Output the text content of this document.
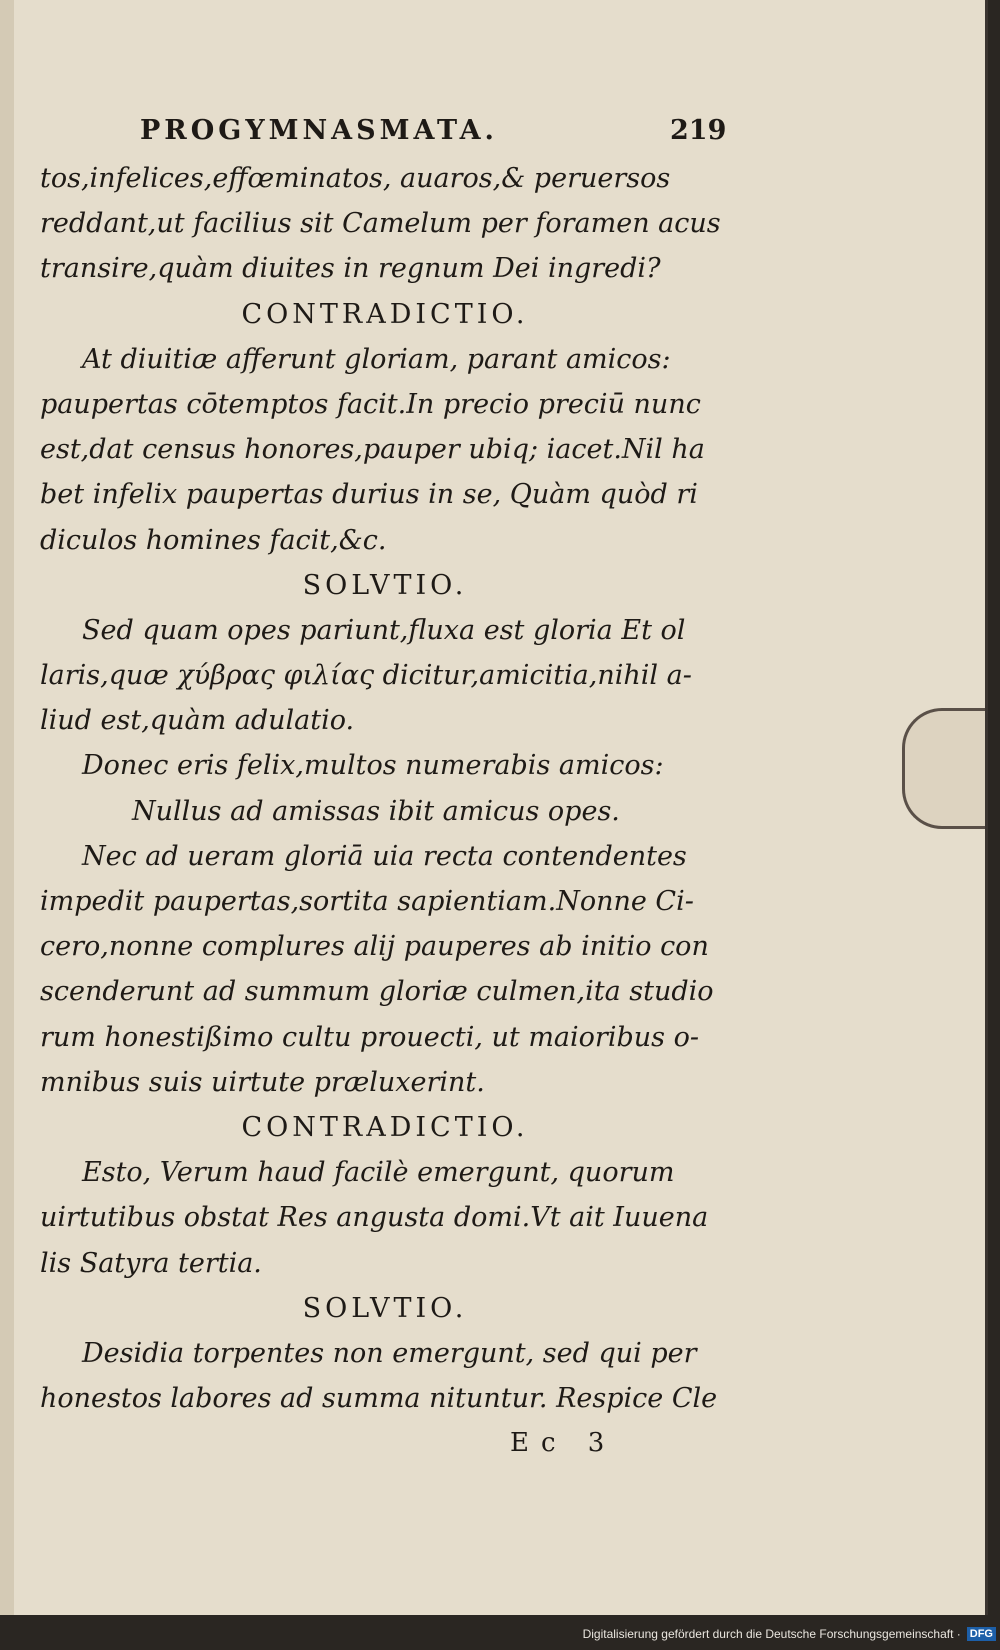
PROGYMNASMATA.	219
tos,infelices,effœminatos, auaros,& peruersos
reddant,ut facilius sit Camelum per foramen acus
transire,quàm diuites in regnum Dei ingredi?
CONTRADICTIO.
At diuitiæ afferunt gloriam, parant amicos:
paupertas cōtemptos facit.In precio preciū nunc
est,dat census honores,pauper ubiq; iacet.Nil ha
bet infelix paupertas durius in se, Quàm quòd ri
diculos homines facit,&c.
SOLVTIO.
Sed quam opes pariunt,fluxa est gloria Et ol
laris,quæ χύβρας φιλίας dicitur,amicitia,nihil a-
liud est,quàm adulatio.
Donec eris felix,multos numerabis amicos:
Nullus ad amissas ibit amicus opes.
Nec ad ueram gloriā uia recta contendentes
impedit paupertas,sortita sapientiam.Nonne Ci-
cero,nonne complures alij pauperes ab initio con
scenderunt ad summum gloriæ culmen,ita studio
rum honestißimo cultu prouecti, ut maioribus o-
mnibus suis uirtute præluxerint.
CONTRADICTIO.
Esto, Verum haud facilè emergunt, quorum
uirtutibus obstat Res angusta domi.Vt ait Iuuena
lis Satyra tertia.
SOLVTIO.
Desidia torpentes non emergunt, sed qui per
honestos labores ad summa nituntur. Respice Cle
Ec 3
Digitalisierung gefördert durch die Deutsche Forschungsgemeinschaft · DFG
